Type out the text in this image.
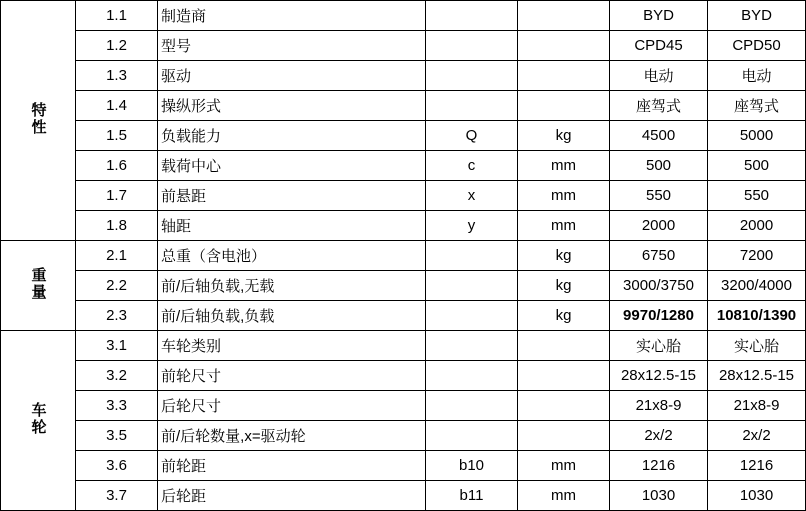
特性	1.1	制造商			BYD	BYD
	1.2	型号			CPD45	CPD50
	1.3	驱动			电动	电动
	1.4	操纵形式			座驾式	座驾式
	1.5	负载能力	Q	kg	4500	5000
	1.6	载荷中心	c	mm	500	500
	1.7	前悬距	x	mm	550	550
	1.8	轴距	y	mm	2000	2000
重量	2.1	总重（含电池）		kg	6750	7200
	2.2	前/后轴负载,无载		kg	3000/3750	3200/4000
	2.3	前/后轴负载,负载		kg	9970/1280	10810/1390
车轮	3.1	车轮类别			实心胎	实心胎
	3.2	前轮尺寸			28x12.5-15	28x12.5-15
	3.3	后轮尺寸			21x8-9	21x8-9
	3.5	前/后轮数量,x=驱动轮			2x/2	2x/2
	3.6	前轮距	b10	mm	1216	1216
	3.7	后轮距	b11	mm	1030	1030
